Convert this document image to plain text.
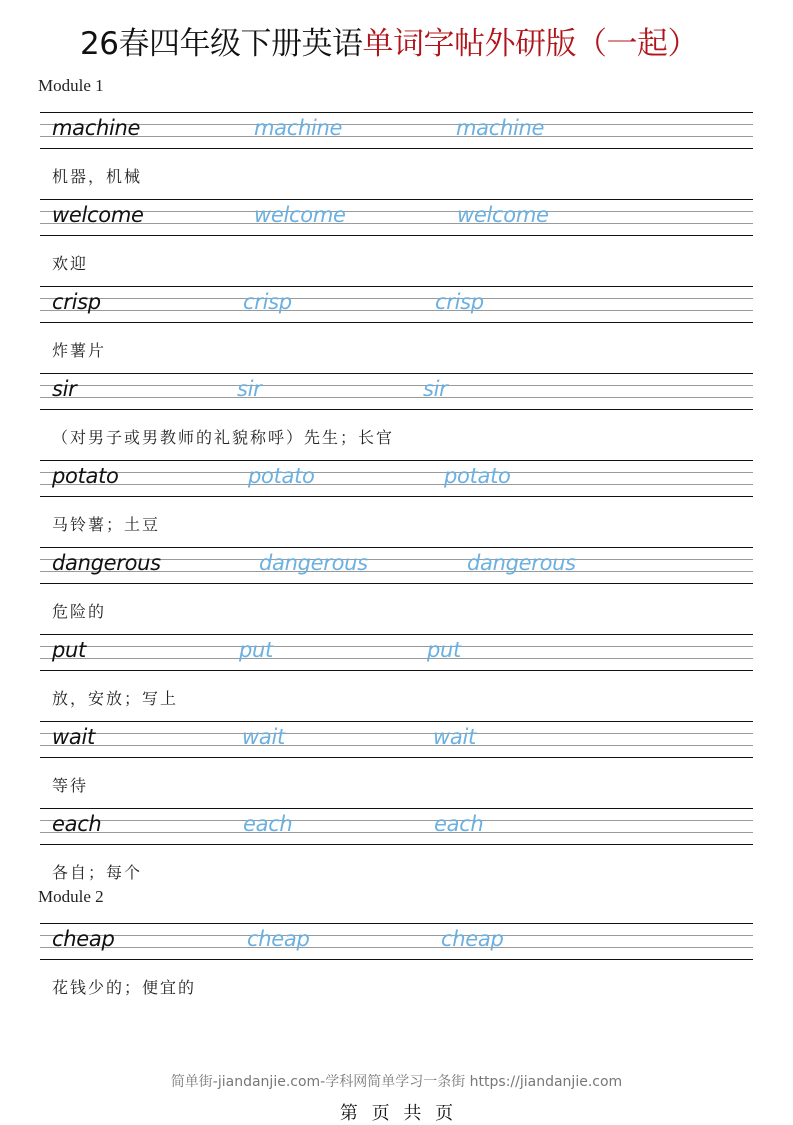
26春四年级下册英语单词字帖外研版（一起）
Module 1
machine	machine	machine
机器，机械
welcome	welcome	welcome
欢迎
crisp	crisp	crisp
炸薯片
sir	sir	sir
（对男子或男教师的礼貌称呼）先生；长官
potato	potato	potato
马铃薯；土豆
dangerous	dangerous	dangerous
危险的
put	put	put
放，安放；写上
wait	wait	wait
等待
each	each	each
各自；每个
Module 2
cheap	cheap	cheap
花钱少的；便宜的
简单街-jiandanjie.com-学科网简单学习一条街 https://jiandanjie.com
第 页 共 页
